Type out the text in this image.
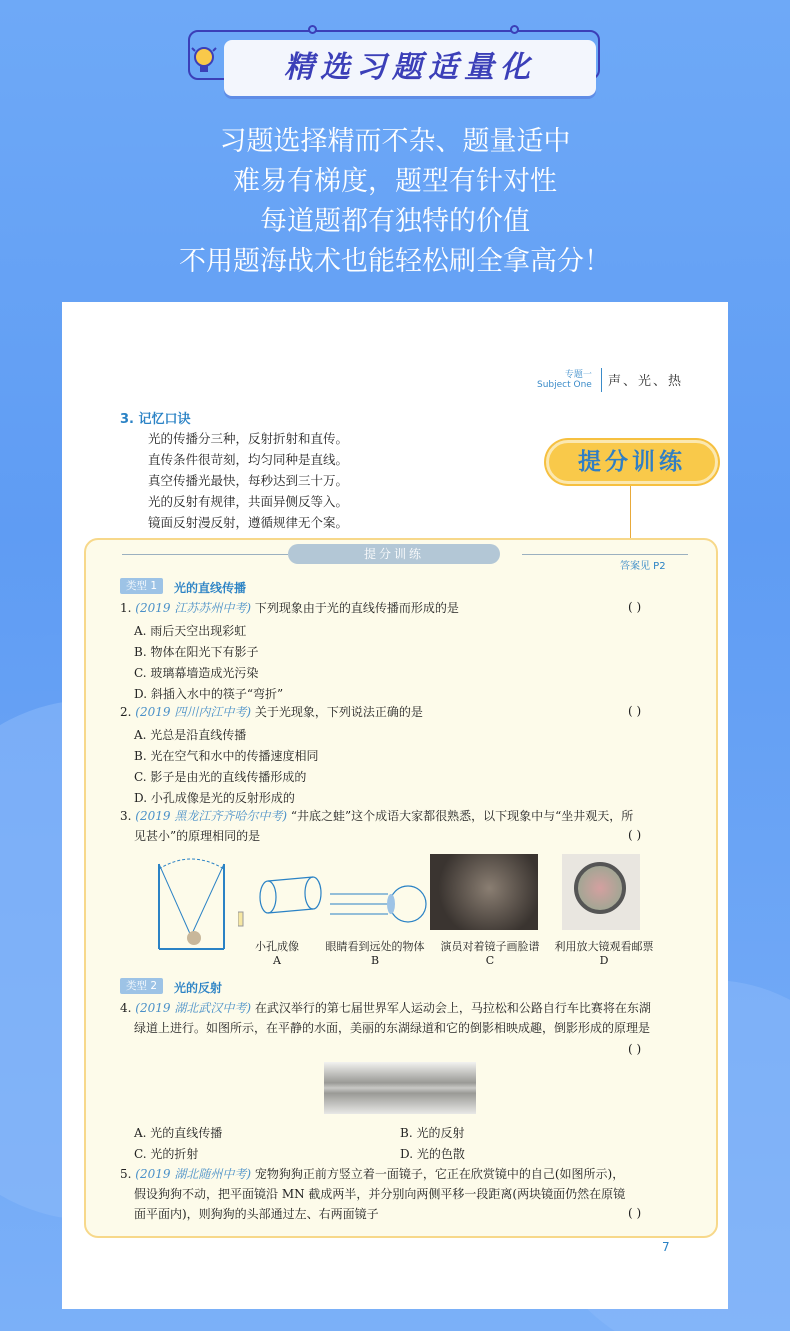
精选习题适量化
习题选择精而不杂、题量适中
难易有梯度，题型有针对性
每道题都有独特的价值
不用题海战术也能轻松刷全拿高分！
专题一
Subject One 声、光、热
3. 记忆口诀
光的传播分三种，反射折射和直传。
直传条件很苛刻，均匀同种是直线。
真空传播光最快，每秒达到三十万。
光的反射有规律，共面异侧反等入。
镜面反射漫反射，遵循规律无个案。
提分训练
提分训练
答案见 P2
类型 1	光的直线传播
1. (2019 江苏苏州中考) 下列现象由于光的直线传播而形成的是	( )
A. 雨后天空出现彩虹
B. 物体在阳光下有影子
C. 玻璃幕墙造成光污染
D. 斜插入水中的筷子“弯折”
2. (2019 四川内江中考) 关于光现象，下列说法正确的是	( )
A. 光总是沿直线传播
B. 光在空气和水中的传播速度相同
C. 影子是由光的直线传播形成的
D. 小孔成像是光的反射形成的
3. (2019 黑龙江齐齐哈尔中考) “井底之蛙”这个成语大家都很熟悉，以下现象中与“坐井观天，所
见甚小”的原理相同的是	( )
小孔成像
A
眼睛看到远处的物体
B
演员对着镜子画脸谱
C
利用放大镜观看邮票
D
类型 2	光的反射
4. (2019 湖北武汉中考) 在武汉举行的第七届世界军人运动会上，马拉松和公路自行车比赛将在东湖
绿道上进行。如图所示，在平静的水面，美丽的东湖绿道和它的倒影相映成趣，倒影形成的原理是
( )
A. 光的直线传播	B. 光的反射
C. 光的折射	D. 光的色散
5. (2019 湖北随州中考) 宠物狗狗正前方竖立着一面镜子，它正在欣赏镜中的自己(如图所示)，
假设狗狗不动，把平面镜沿 MN 截成两半，并分别向两侧平移一段距离(两块镜面仍然在原镜
面平面内)，则狗狗的头部通过左、右两面镜子	( )
7
